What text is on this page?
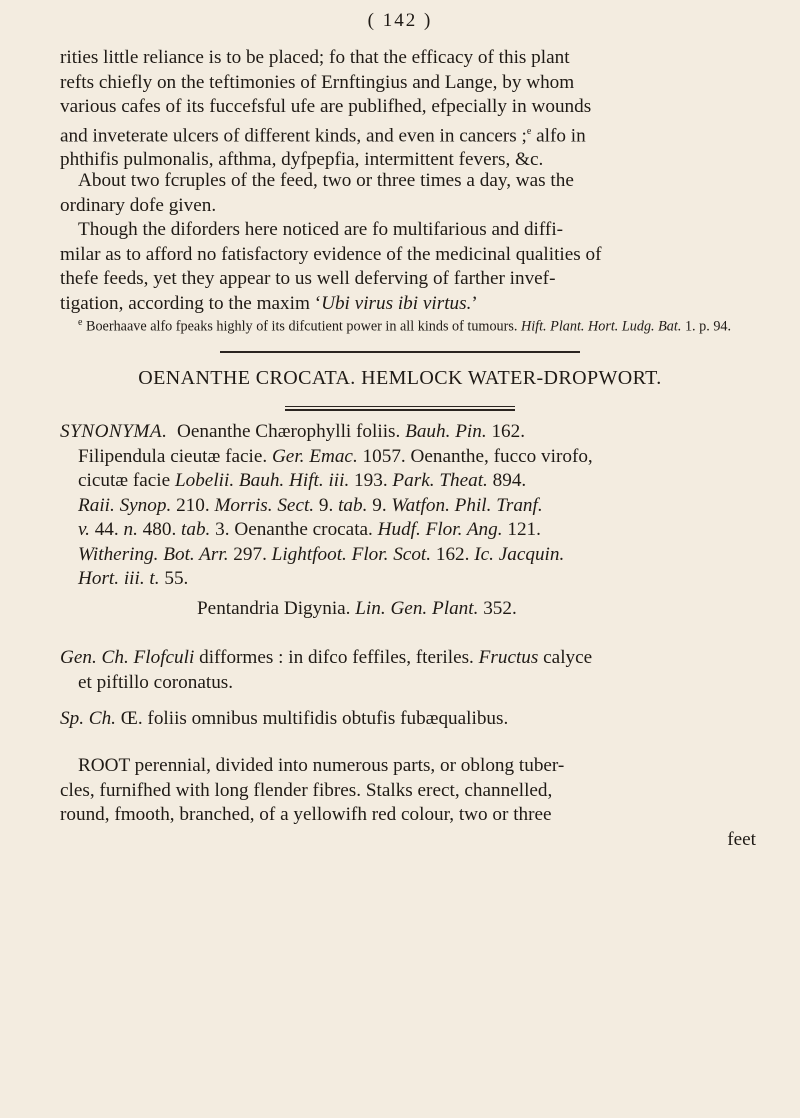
( 142 )
rities little reliance is to be placed; fo that the efficacy of this plant
refts chiefly on the teftimonies of Ernftingius and Lange, by whom
various cafes of its fuccefsful ufe are publifhed, efpecially in wounds
and inveterate ulcers of different kinds, and even in cancers ;$^e$ alfo in
phthifis pulmonalis, afthma, dyfpepfia, intermittent fevers, &c.
About two fcruples of the feed, two or three times a day, was the
ordinary dofe given.
Though the diforders here noticed are fo multifarious and diffi-
milar as to afford no fatisfactory evidence of the medicinal qualities of
thefe feeds, yet they appear to us well deferving of farther invef-
tigation, according to the maxim ‘Ubi virus ibi virtus.’
$^e$ Boerhaave alfo fpeaks highly of its difcutient power in all kinds of tumours. Hift. Plant. Hort. Ludg. Bat. 1. p. 94.
OENANTHE CROCATA. HEMLOCK WATER-DROPWORT.
SYNONYMA. Oenanthe Chærophylli foliis. Bauh. Pin. 162.
Filipendula cieutæ facie. Ger. Emac. 1057. Oenanthe, fucco virofo,
cicutæ facie Lobelii. Bauh. Hift. iii. 193. Park. Theat. 894.
Raii. Synop. 210. Morris. Sect. 9. tab. 9. Watfon. Phil. Tranf.
v. 44. n. 480. tab. 3. Oenanthe crocata. Hudf. Flor. Ang. 121.
Withering. Bot. Arr. 297. Lightfoot. Flor. Scot. 162. Ic. Jacquin.
Hort. iii. t. 55.
Pentandria Digynia. Lin. Gen. Plant. 352.
Gen. Ch. Flofculi difformes : in difco feffiles, fteriles. Fructus calyce
et piftillo coronatus.
Sp. Ch. Œ. foliis omnibus multifidis obtufis fubæqualibus.
ROOT perennial, divided into numerous parts, or oblong tuber-
cles, furnifhed with long flender fibres. Stalks erect, channelled,
round, fmooth, branched, of a yellowifh red colour, two or three
feet
